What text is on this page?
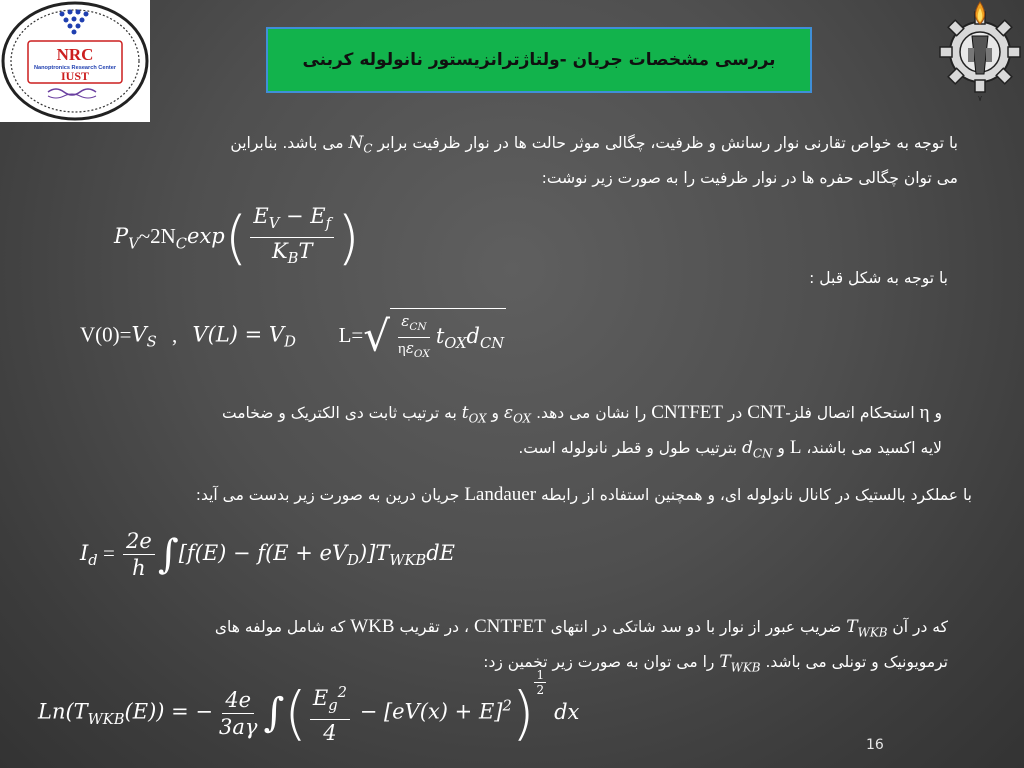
NRC
Nanoptronics Research Center
IUST
بررسی مشخصات جریان -ولتاژترانزیستور نانولوله کربنی
٧
با توجه به خواص تقارنی نوار رسانش و ظرفیت، چگالی موثر حالت ها در نوار ظرفیت برابر $N_C$ می باشد. بنابراین
می توان چگالی حفره ها در نوار ظرفیت را به صورت زیر نوشت:
$P_V\sim 2N_C\exp( \frac{E_V - E_f}{K_BT}$ )
با توجه به شکل قبل :
$V(0)=V_S$ , $V(L) = V_D$ $L=√ \frac{\varepsilon_{CN}}{\eta\varepsilon_{OX}} t_{OX}d_{CN}$
و η استحکام اتصال فلز-CNT در CNTFET را نشان می دهد. $\varepsilon_{OX}$ و $t_{OX}$ به ترتیب ثابت دی الکتریک و ضخامت
لایه اکسید می باشند، L و $d_{CN}$ بترتیب طول و قطر نانولوله است.
با عملکرد بالستیک در کانال نانولوله ای، و همچنین استفاده از رابطه Landauer جریان درین به صورت زیر بدست می آید:
$I_d = \frac{2e}{h} \int[f(E) - f(E + eV_D)]T_{WKB}dE$
که در آن $T_{WKB}$ ضریب عبور از نوار با دو سد شاتکی در انتهای CNTFET ، در تقریب WKB که شامل مولفه های
ترمویونیک و تونلی می باشد. $T_{WKB}$ را می توان به صورت زیر تخمین زد:
$Ln(T_{WKB}(E))$ = − $\frac{4e}{3a\gamma}$ ∫( $\frac{E_g^2}{4} - [eV(x) + E]^2) \frac{1}{2}$
dx
16
